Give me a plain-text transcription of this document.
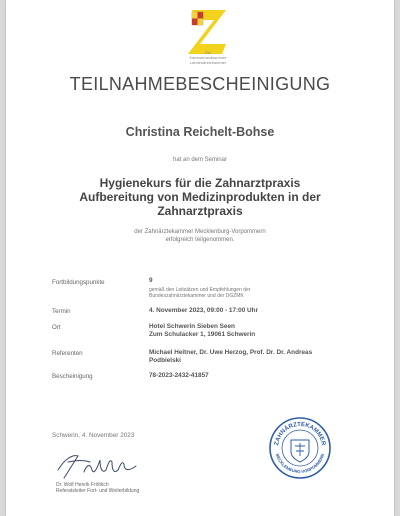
Die
Kammerlandkammer
Landesärztekammer
TEILNAHMEBESCHEINIGUNG
Christina Reichelt-Bohse
hat an dem Seminar
Hygienekurs für die Zahnarztpraxis
Aufbereitung von Medizinprodukten in der
Zahnarztpraxis
der Zahnärztekammer Mecklenburg-Vorpommern
erfolgreich teilgenommen.
Fortbildungspunkte	9
gemäß den Leitsätzen und Empfehlungen der
Bundeszahnärztekammer und der DGZMK
Termin	4. November 2023, 09:00 - 17:00 Uhr
Ort	Hotel Schwerin Sieben Seen
Zum Schulacker 1, 19061 Schwerin
Referenten	Michael Heitner, Dr. Uwe Herzog, Prof. Dr. Dr. Andreas
Podbielski
Bescheinigung	78-2023-2432-41857
Schwerin, 4. November 2023
Dr. Wolf Henrik Fröhlich
Referatsleiter Fort- und Weiterbildung
ZAHNÄRZTEKAMMER
MECKLENBURG-VORPOMMERN
